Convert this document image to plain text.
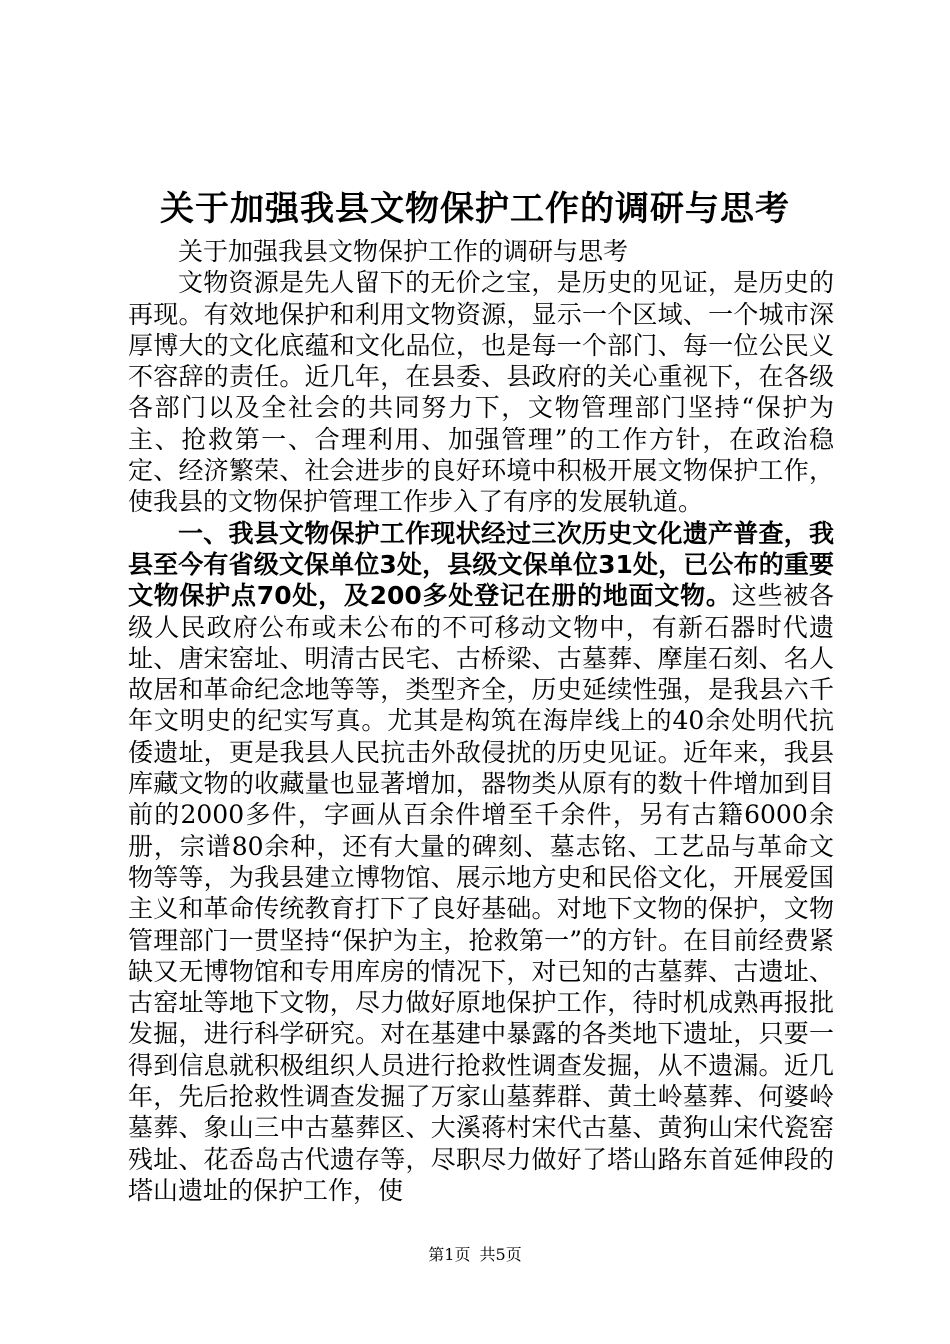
关于加强我县文物保护工作的调研与思考

关于加强我县文物保护工作的调研与思考

文物资源是先人留下的无价之宝，是历史的见证，是历史的再现。有效地保护和利用文物资源，显示一个区域、一个城市深厚博大的文化底蕴和文化品位，也是每一个部门、每一位公民义不容辞的责任。近几年，在县委、县政府的关心重视下，在各级各部门以及全社会的共同努力下，文物管理部门坚持“保护为主、抢救第一、合理利用、加强管理”的工作方针，在政治稳定、经济繁荣、社会进步的良好环境中积极开展文物保护工作，使我县的文物保护管理工作步入了有序的发展轨道。

一、我县文物保护工作现状经过三次历史文化遗产普查，我县至今有省级文保单位3处，县级文保单位31处，已公布的重要文物保护点70处，及200多处登记在册的地面文物。这些被各级人民政府公布或未公布的不可移动文物中，有新石器时代遗址、唐宋窑址、明清古民宅、古桥梁、古墓葬、摩崖石刻、名人故居和革命纪念地等等，类型齐全，历史延续性强，是我县六千年文明史的纪实写真。尤其是构筑在海岸线上的40余处明代抗倭遗址，更是我县人民抗击外敌侵扰的历史见证。近年来，我县库藏文物的收藏量也显著增加，器物类从原有的数十件增加到目前的2000多件，字画从百余件增至千余件，另有古籍6000余册，宗谱80余种，还有大量的碑刻、墓志铭、工艺品与革命文物等等，为我县建立博物馆、展示地方史和民俗文化，开展爱国主义和革命传统教育打下了良好基础。对地下文物的保护，文物管理部门一贯坚持“保护为主，抢救第一”的方针。在目前经费紧缺又无博物馆和专用库房的情况下，对已知的古墓葬、古遗址、古窑址等地下文物，尽力做好原地保护工作，待时机成熟再报批发掘，进行科学研究。对在基建中暴露的各类地下遗址，只要一得到信息就积极组织人员进行抢救性调查发掘，从不遗漏。近几年，先后抢救性调查发掘了万家山墓葬群、黄土岭墓葬、何婆岭墓葬、象山三中古墓葬区、大溪蒋村宋代古墓、黄狗山宋代瓷窑残址、花岙岛古代遗存等，尽职尽力做好了塔山路东首延伸段的塔山遗址的保护工作，使

第1页 共5页
